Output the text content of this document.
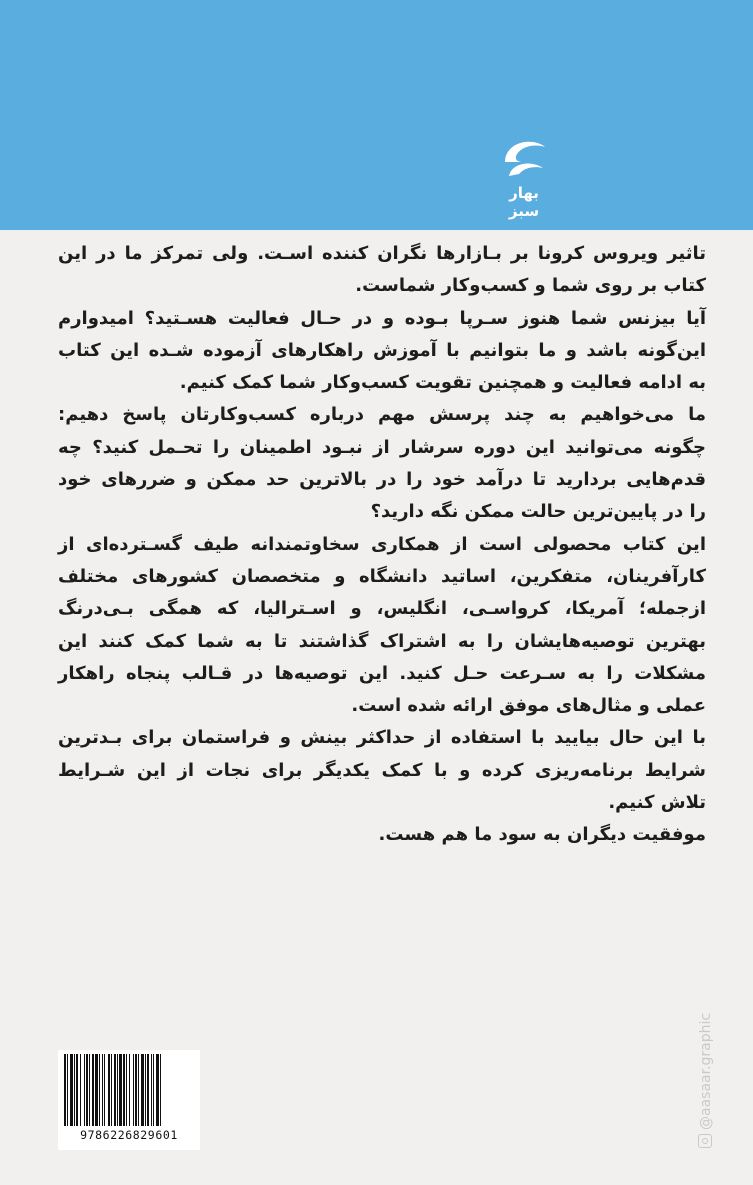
بهار سبز

تاثیر ویروس کرونا بر بـازارها نگران کننده اسـت. ولی تمرکز ما در این

کتاب بر روی شما و کسب‌وکار شماست.

آیا بیزنس شما هنوز سـرپا بـوده و در حـال فعالیت هسـتید؟ امیدوارم

این‌گونه باشد و ما بتوانیم با آموزش راهکارهای آزموده شـده این کتاب

به ادامه فعالیت و همچنین تقویت کسب‌وکار شما کمک کنیم.

ما می‌خواهیم به چند پرسش مهم درباره کسب‌وکارتان پاسخ دهیم:

چگونه می‌توانید این دوره سرشار از نبـود اطمینان را تحـمل کنید؟ چه

قدم‌هایی بردارید تا درآمد خود را در بالاترین حد ممکن و ضررهای خود

را در پایین‌ترین حالت ممکن نگه دارید؟

این کتاب محصولی است از همکاری سخاوتمندانه طیف گسـترده‌ای از

کارآفرینان، متفکرین، اساتید دانشگاه و متخصصان کشورهای مختلف

ازجمله؛ آمریکا، کرواسـی، انگلیس، و اسـترالیا، که همگی بـی‌درنگ

بهترین توصیه‌هایشان را به اشتراک گذاشتند تا به شما کمک کنند این

مشکلات را به سـرعت حـل کنید. این توصیه‌ها در قـالب پنجاه راهکار

عملی و مثال‌های موفق ارائه شده است.

با این حال بیایید با استفاده از حداکثر بینش و فراستمان برای بـدترین

شرایط برنامه‌ریزی کرده و با کمک یکدیگر برای نجات از این شـرایط

تلاش کنیم.

موفقیت دیگران به سود ما هم هست.

@aasaar.graphic
9786226829601
